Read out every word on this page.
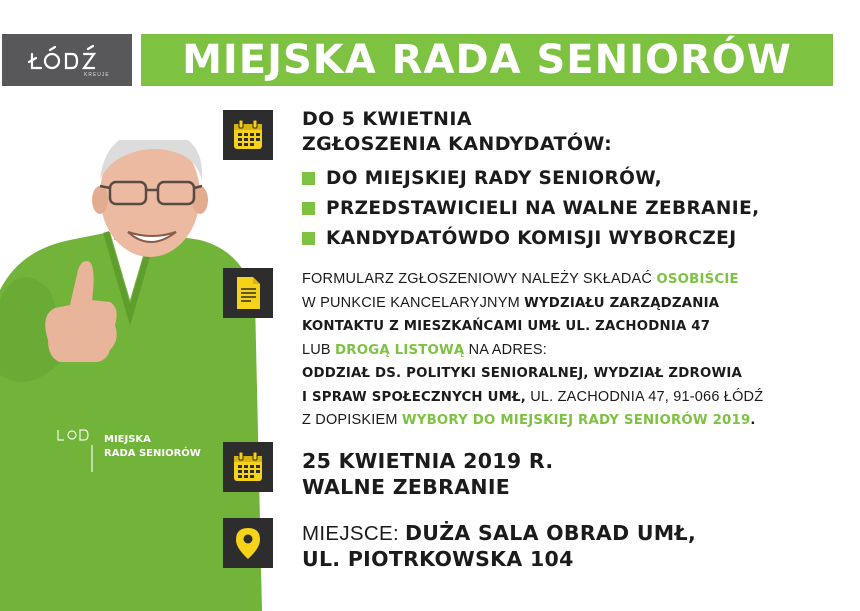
KREUJE MIEJSKA RADA SENIORÓW
MIEJSKA
RADA SENIORÓW
DO 5 KWIETNIA
ZGŁOSZENIA KANDYDATÓW:
DO MIEJSKIEJ RADY SENIORÓW,
PRZEDSTAWICIELI NA WALNE ZEBRANIE,
KANDYDATÓWDO KOMISJI WYBORCZEJ
FORMULARZ ZGŁOSZENIOWY NALEŻY SKŁADAĆ OSOBIŚCIE
W PUNKCIE KANCELARYJNYM WYDZIAŁU ZARZĄDZANIA
KONTAKTU Z MIESZKAŃCAMI UMŁ UL. ZACHODNIA 47
LUB DROGĄ LISTOWĄ NA ADRES:
ODDZIAŁ DS. POLITYKI SENIORALNEJ, WYDZIAŁ ZDROWIA
I SPRAW SPOŁECZNYCH UMŁ, UL. ZACHODNIA 47, 91-066 ŁÓDŹ
Z DOPISKIEM WYBORY DO MIEJSKIEJ RADY SENIORÓW 2019.
25 KWIETNIA 2019 R.
WALNE ZEBRANIE
MIEJSCE: DUŻA SALA OBRAD UMŁ,
UL. PIOTRKOWSKA 104
